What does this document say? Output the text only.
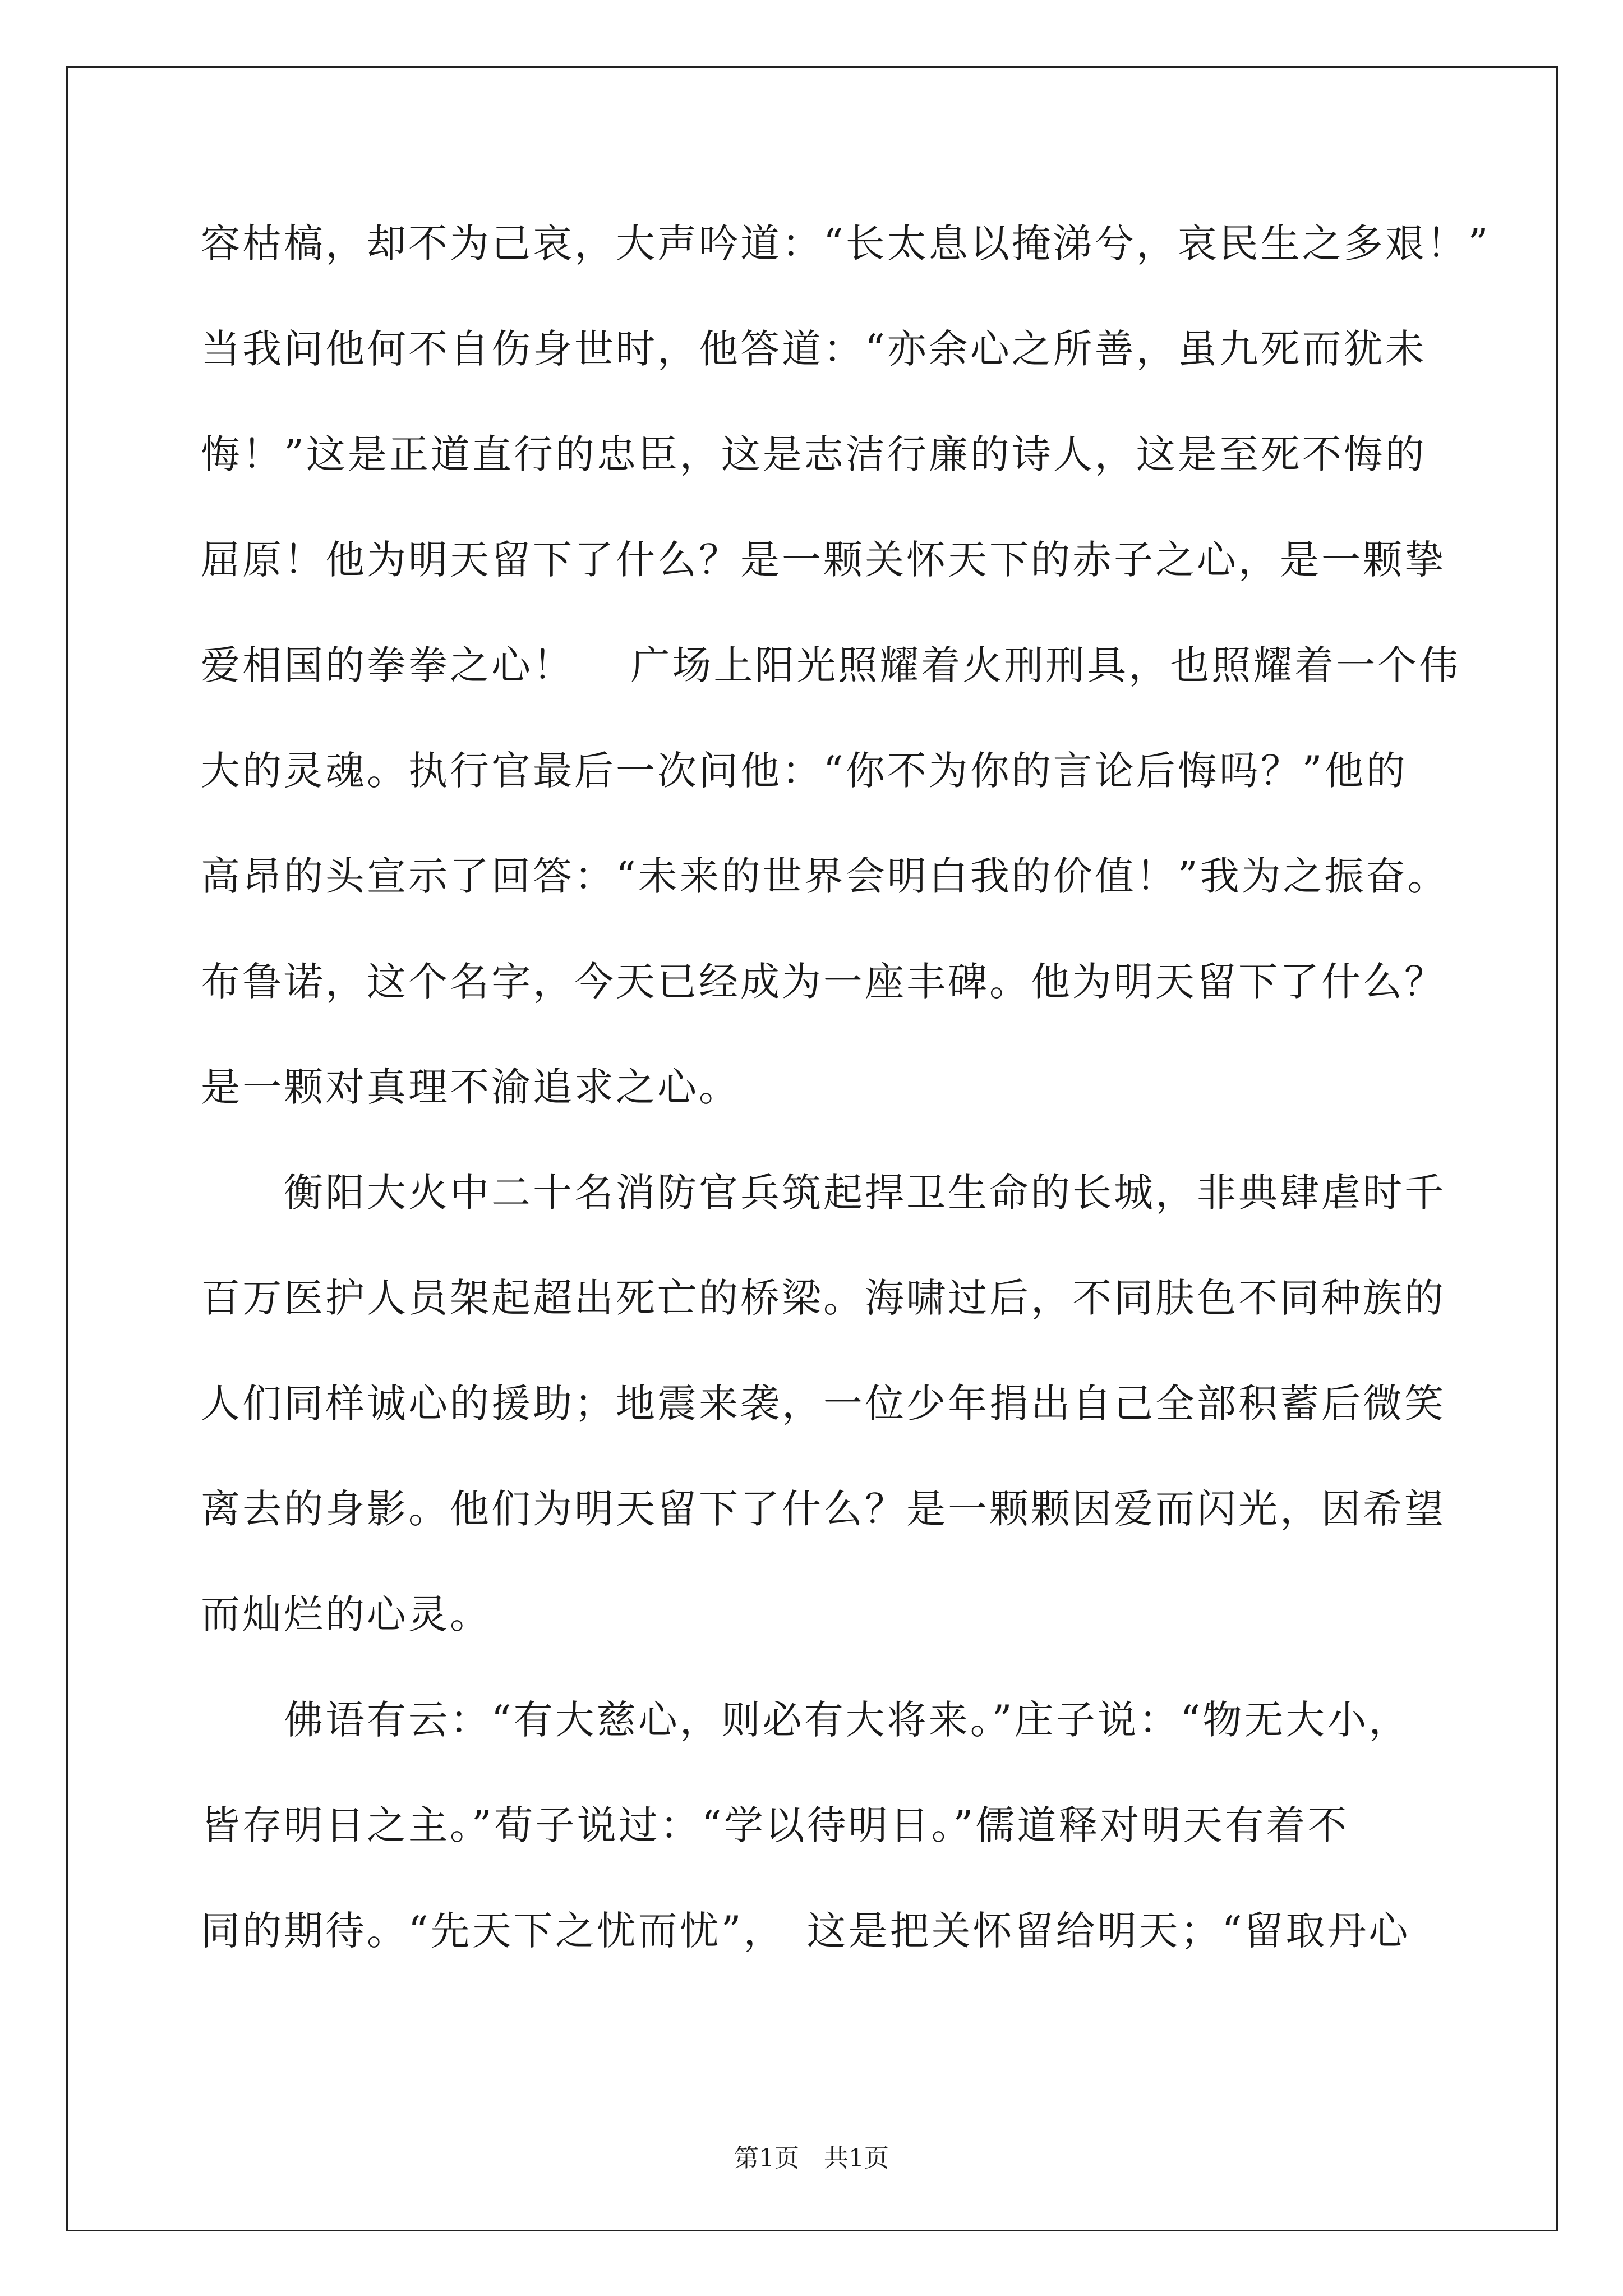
容枯槁，却不为己哀，大声吟道：“长太息以掩涕兮，哀民生之多艰！”
当我问他何不自伤身世时，他答道：“亦余心之所善，虽九死而犹未
悔！”这是正道直行的忠臣，这是志洁行廉的诗人，这是至死不悔的
屈原！他为明天留下了什么？是一颗关怀天下的赤子之心，是一颗挚
爱相国的拳拳之心！　 广场上阳光照耀着火刑刑具，也照耀着一个伟
大的灵魂。执行官最后一次问他：“你不为你的言论后悔吗？”他的
高昂的头宣示了回答：“未来的世界会明白我的价值！”我为之振奋。
布鲁诺，这个名字，今天已经成为一座丰碑。他为明天留下了什么？
是一颗对真理不渝追求之心。
　　衡阳大火中二十名消防官兵筑起捍卫生命的长城，非典肆虐时千
百万医护人员架起超出死亡的桥梁。海啸过后，不同肤色不同种族的
人们同样诚心的援助；地震来袭，一位少年捐出自己全部积蓄后微笑
离去的身影。他们为明天留下了什么？是一颗颗因爱而闪光，因希望
而灿烂的心灵。
　　佛语有云：“有大慈心，则必有大将来。”庄子说：“物无大小，
皆存明日之主。”荀子说过：“学以待明日。”儒道释对明天有着不
同的期待。“先天下之忧而忧”，　这是把关怀留给明天；“留取丹心
第1页　共1页
